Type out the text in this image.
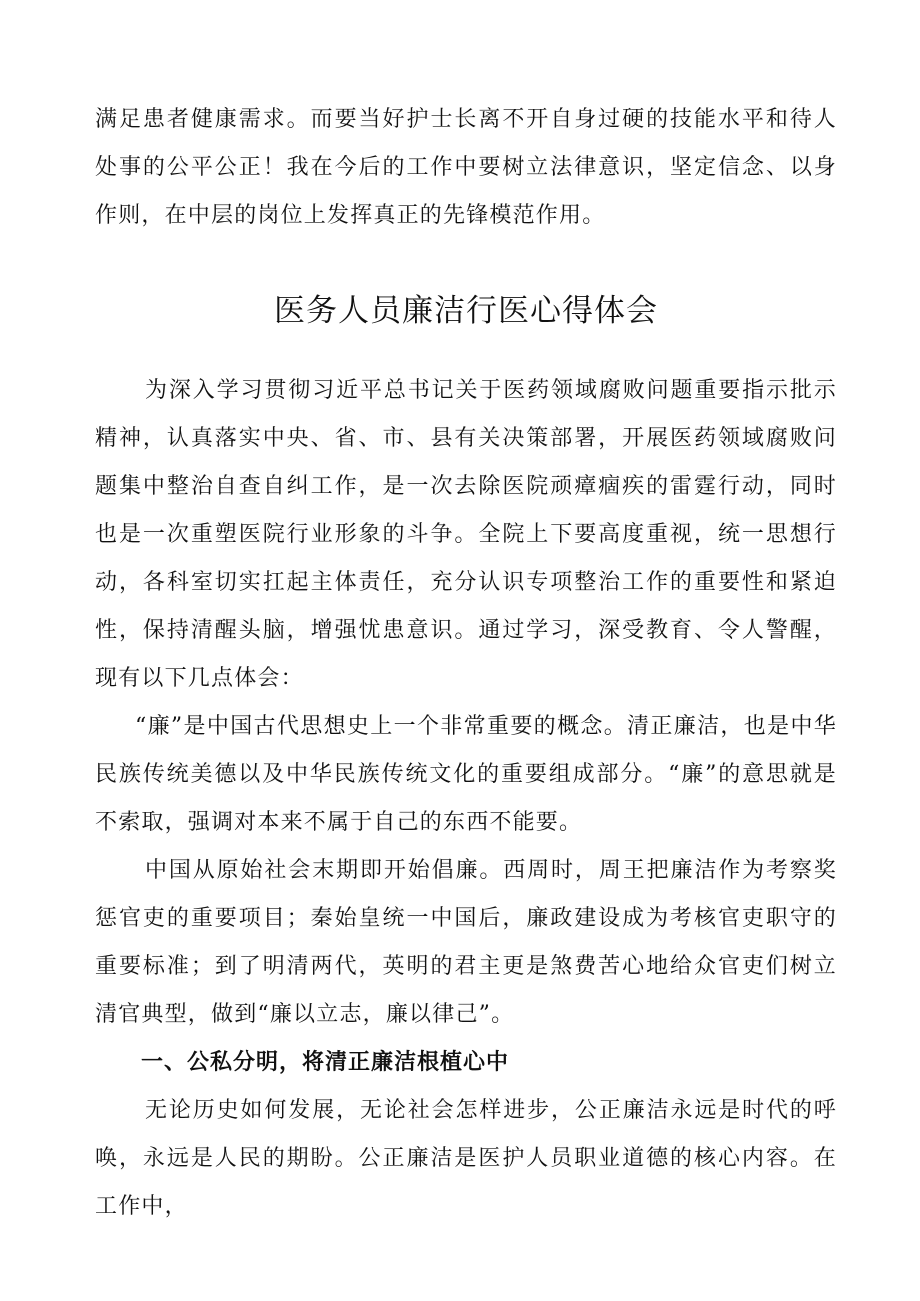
满足患者健康需求。而要当好护士长离不开自身过硬的技能水平和待人处事的公平公正！我在今后的工作中要树立法律意识，坚定信念、以身作则，在中层的岗位上发挥真正的先锋模范作用。

医务人员廉洁行医心得体会

为深入学习贯彻习近平总书记关于医药领域腐败问题重要指示批示精神，认真落实中央、省、市、县有关决策部署，开展医药领域腐败问题集中整治自查自纠工作，是一次去除医院顽瘴痼疾的雷霆行动，同时也是一次重塑医院行业形象的斗争。全院上下要高度重视，统一思想行动，各科室切实扛起主体责任，充分认识专项整治工作的重要性和紧迫性，保持清醒头脑，增强忧患意识。通过学习，深受教育、令人警醒，现有以下几点体会：

“廉”是中国古代思想史上一个非常重要的概念。清正廉洁，也是中华民族传统美德以及中华民族传统文化的重要组成部分。“廉”的意思就是不索取，强调对本来不属于自己的东西不能要。

中国从原始社会末期即开始倡廉。西周时，周王把廉洁作为考察奖惩官吏的重要项目；秦始皇统一中国后，廉政建设成为考核官吏职守的重要标准；到了明清两代，英明的君主更是煞费苦心地给众官吏们树立清官典型，做到“廉以立志，廉以律己”。

一、公私分明，将清正廉洁根植心中

无论历史如何发展，无论社会怎样进步，公正廉洁永远是时代的呼唤，永远是人民的期盼。公正廉洁是医护人员职业道德的核心内容。在工作中，
